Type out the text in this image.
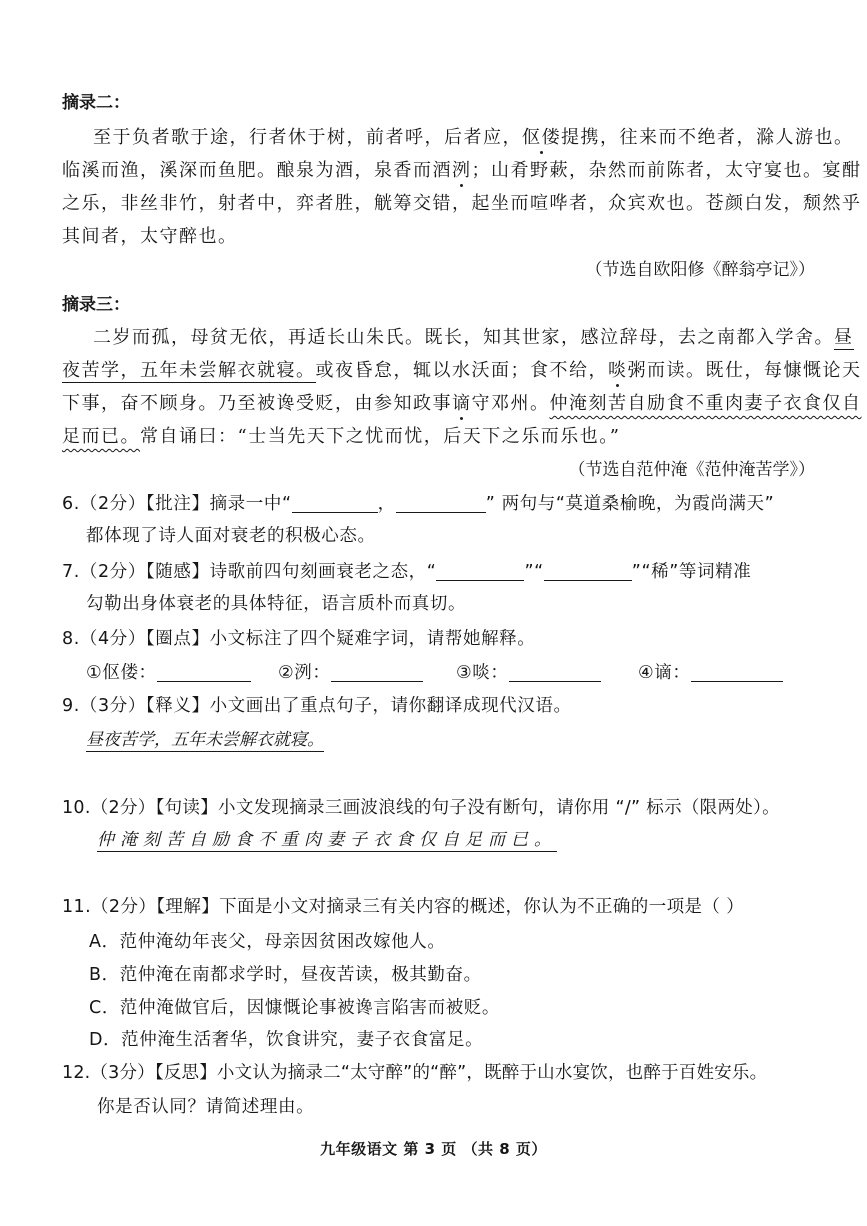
摘录二：
至于负者歌于途，行者休于树，前者呼，后者应，伛偻提携，往来而不绝者，滁人游也。
临溪而渔，溪深而鱼肥。酿泉为酒，泉香而酒洌；山肴野蔌，杂然而前陈者，太守宴也。宴酣
之乐，非丝非竹，射者中，弈者胜，觥筹交错，起坐而喧哗者，众宾欢也。苍颜白发，颓然乎
其间者，太守醉也。
（节选自欧阳修《醉翁亭记》）
摘录三：
二岁而孤，母贫无依，再适长山朱氏。既长，知其世家，感泣辞母，去之南都入学舍。昼
夜苦学，五年未尝解衣就寝。或夜昏怠，辄以水沃面；食不给，啖粥而读。既仕，每慷慨论天
下事，奋不顾身。乃至被谗受贬，由参知政事谪守邓州。仲淹刻苦自励食不重肉妻子衣食仅自
足而已。常自诵曰：“士当先天下之忧而忧，后天下之乐而乐也。”
（节选自范仲淹《范仲淹苦学》）
6.（2分）【批注】摘录一中“	，	” 两句与“莫道桑榆晚，为霞尚满天”
都体现了诗人面对衰老的积极心态。
7.（2分）【随感】诗歌前四句刻画衰老之态，“	”“	”“稀”等词精准
勾勒出身体衰老的具体特征，语言质朴而真切。
8.（4分）【圈点】小文标注了四个疑难字词，请帮她解释。
①伛偻：	②洌：	③啖：	④谪：
9.（3分）【释义】小文画出了重点句子，请你翻译成现代汉语。
昼夜苦学，五年未尝解衣就寝。
10.（2分）【句读】小文发现摘录三画波浪线的句子没有断句，请你用 “/” 标示（限两处）。
仲淹刻苦自励食不重肉妻子衣食仅自足而已。
11.（2分）【理解】下面是小文对摘录三有关内容的概述，你认为不正确的一项是（ ）
A．范仲淹幼年丧父，母亲因贫困改嫁他人。
B．范仲淹在南都求学时，昼夜苦读，极其勤奋。
C．范仲淹做官后，因慷慨论事被谗言陷害而被贬。
D．范仲淹生活奢华，饮食讲究，妻子衣食富足。
12.（3分）【反思】小文认为摘录二“太守醉”的“醉”，既醉于山水宴饮，也醉于百姓安乐。
你是否认同？请简述理由。
九年级语文 第 3 页 （共 8 页）
